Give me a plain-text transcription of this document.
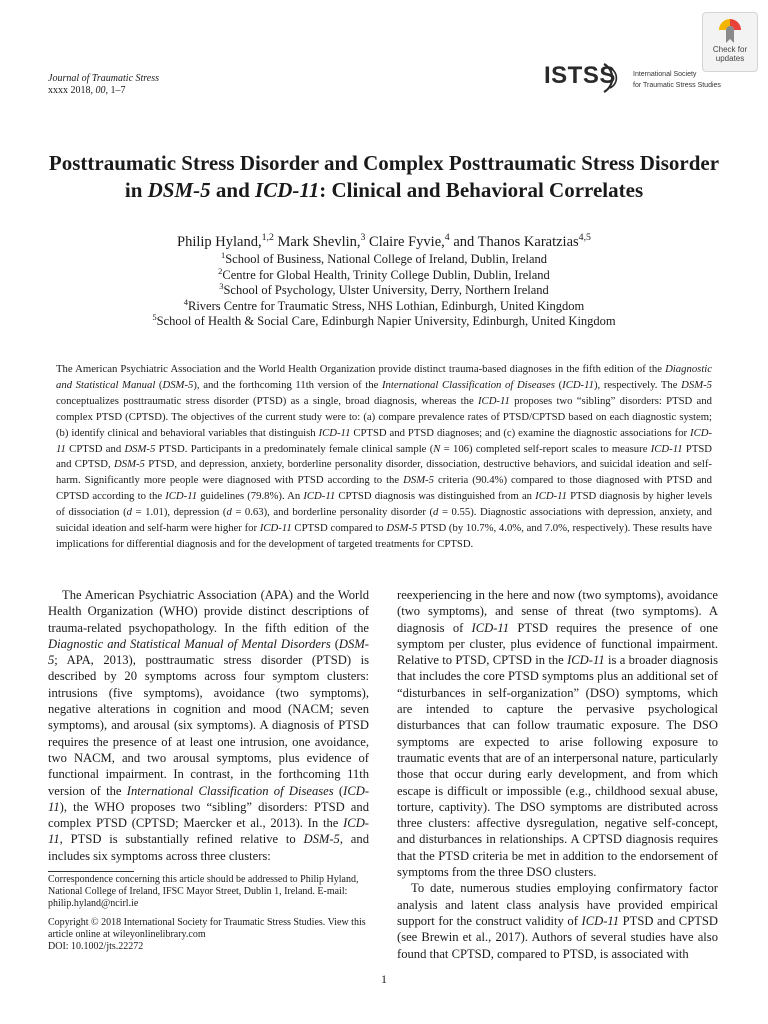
Journal of Traumatic Stress
xxxx 2018, 00, 1–7
ISTSS International Society
for Traumatic Stress Studies
Check for
updates
Posttraumatic Stress Disorder and Complex Posttraumatic Stress Disorder in DSM-5 and ICD-11: Clinical and Behavioral Correlates
Philip Hyland,$^{1,2}$ Mark Shevlin,$^3$ Claire Fyvie,$^4$ and Thanos Karatzias$^{4,5}$
$^1$School of Business, National College of Ireland, Dublin, Ireland
$^2$Centre for Global Health, Trinity College Dublin, Dublin, Ireland
$^3$School of Psychology, Ulster University, Derry, Northern Ireland
$^4$Rivers Centre for Traumatic Stress, NHS Lothian, Edinburgh, United Kingdom
$^5$School of Health & Social Care, Edinburgh Napier University, Edinburgh, United Kingdom
The American Psychiatric Association and the World Health Organization provide distinct trauma-based diagnoses in the fifth edition of the Diagnostic and Statistical Manual (DSM-5), and the forthcoming 11th version of the International Classification of Diseases (ICD-11), respectively. The DSM-5 conceptualizes posttraumatic stress disorder (PTSD) as a single, broad diagnosis, whereas the ICD-11 proposes two “sibling” disorders: PTSD and complex PTSD (CPTSD). The objectives of the current study were to: (a) compare prevalence rates of PTSD/CPTSD based on each diagnostic system; (b) identify clinical and behavioral variables that distinguish ICD-11 CPTSD and PTSD diagnoses; and (c) examine the diagnostic associations for ICD-11 CPTSD and DSM-5 PTSD. Participants in a predominately female clinical sample (N = 106) completed self-report scales to measure ICD-11 PTSD and CPTSD, DSM-5 PTSD, and depression, anxiety, borderline personality disorder, dissociation, destructive behaviors, and suicidal ideation and self-harm. Significantly more people were diagnosed with PTSD according to the DSM-5 criteria (90.4%) compared to those diagnosed with PTSD and CPTSD according to the ICD-11 guidelines (79.8%). An ICD-11 CPTSD diagnosis was distinguished from an ICD-11 PTSD diagnosis by higher levels of dissociation (d = 1.01), depression (d = 0.63), and borderline personality disorder (d = 0.55). Diagnostic associations with depression, anxiety, and suicidal ideation and self-harm were higher for ICD-11 CPTSD compared to DSM-5 PTSD (by 10.7%, 4.0%, and 7.0%, respectively). These results have implications for differential diagnosis and for the development of targeted treatments for CPTSD.

The American Psychiatric Association (APA) and the World Health Organization (WHO) provide distinct descriptions of trauma-related psychopathology. In the fifth edition of the Diagnostic and Statistical Manual of Mental Disorders (DSM-5; APA, 2013), posttraumatic stress disorder (PTSD) is described by 20 symptoms across four symptom clusters: intrusions (five symptoms), avoidance (two symptoms), negative alterations in cognition and mood (NACM; seven symptoms), and arousal (six symptoms). A diagnosis of PTSD requires the presence of at least one intrusion, one avoidance, two NACM, and two arousal symptoms, plus evidence of functional impairment. In contrast, in the forthcoming 11th version of the International Classification of Diseases (ICD-11), the WHO proposes two “sibling” disorders: PTSD and complex PTSD (CPTSD; Maercker et al., 2013). In the ICD-11, PTSD is substantially refined relative to DSM-5, and includes six symptoms across three clusters:

Correspondence concerning this article should be addressed to Philip Hyland, National College of Ireland, IFSC Mayor Street, Dublin 1, Ireland. E-mail: philip.hyland@ncirl.ie
Copyright © 2018 International Society for Traumatic Stress Studies. View this article online at wileyonlinelibrary.com
DOI: 10.1002/jts.22272

reexperiencing in the here and now (two symptoms), avoidance (two symptoms), and sense of threat (two symptoms). A diagnosis of ICD-11 PTSD requires the presence of one symptom per cluster, plus evidence of functional impairment. Relative to PTSD, CPTSD in the ICD-11 is a broader diagnosis that includes the core PTSD symptoms plus an additional set of “disturbances in self-organization” (DSO) symptoms, which are intended to capture the pervasive psychological disturbances that can follow traumatic exposure. The DSO symptoms are expected to arise following exposure to traumatic events that are of an interpersonal nature, particularly those that occur during early development, and from which escape is difficult or impossible (e.g., childhood sexual abuse, torture, captivity). The DSO symptoms are distributed across three clusters: affective dysregulation, negative self-concept, and disturbances in relationships. A CPTSD diagnosis requires that the PTSD criteria be met in addition to the endorsement of symptoms from the three DSO clusters.

To date, numerous studies employing confirmatory factor analysis and latent class analysis have provided empirical support for the construct validity of ICD-11 PTSD and CPTSD (see Brewin et al., 2017). Authors of several studies have also found that CPTSD, compared to PTSD, is associated with

1
